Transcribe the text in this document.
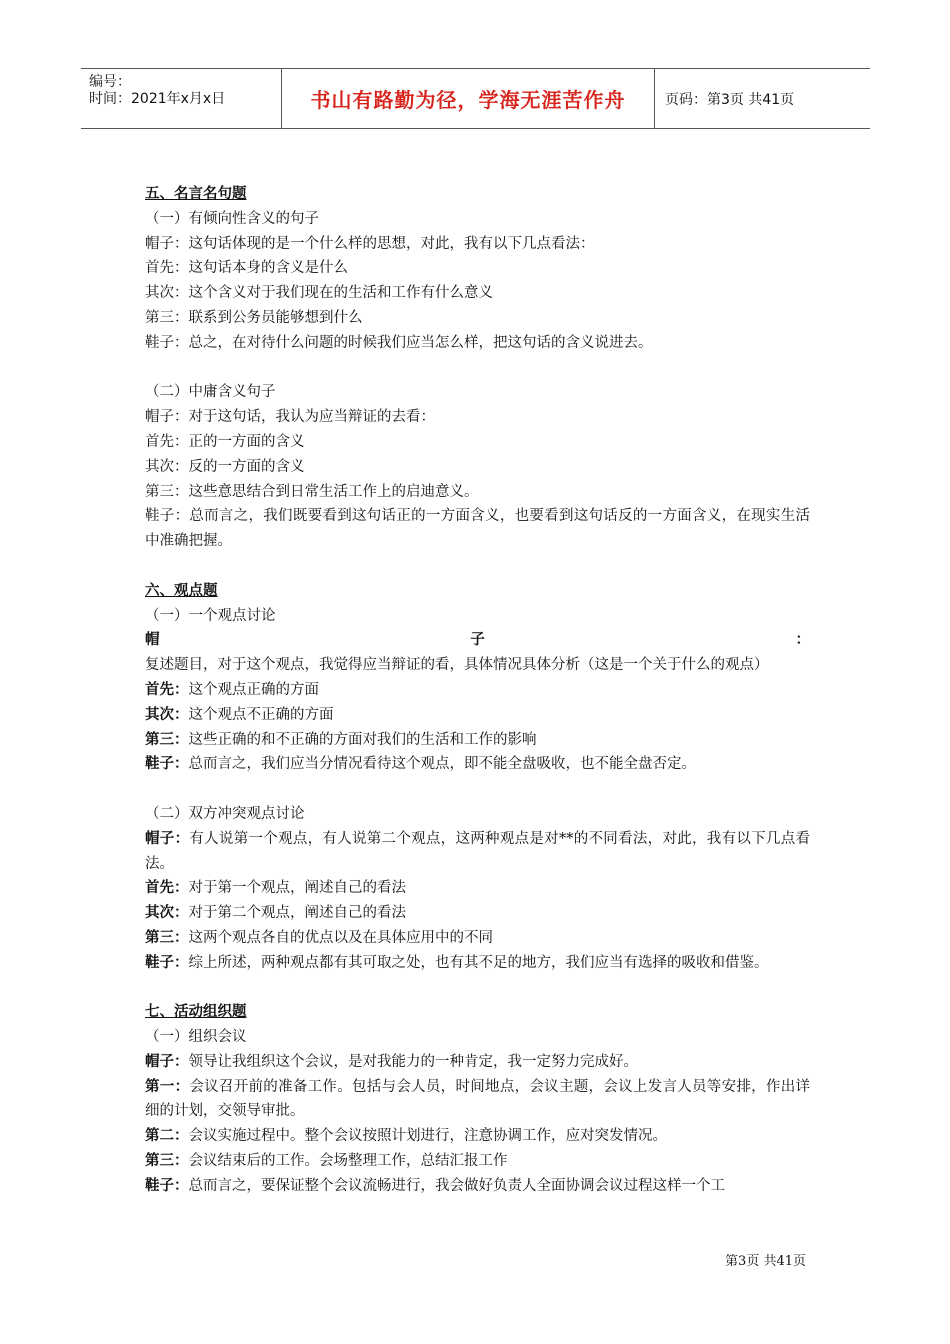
编号：
时间：2021年x月x日	书山有路勤为径，学海无涯苦作舟	页码：第3页 共41页
五、名言名句题

（一）有倾向性含义的句子

帽子：这句话体现的是一个什么样的思想，对此，我有以下几点看法：

首先：这句话本身的含义是什么

其次：这个含义对于我们现在的生活和工作有什么意义

第三：联系到公务员能够想到什么

鞋子：总之，在对待什么问题的时候我们应当怎么样，把这句话的含义说进去。

（二）中庸含义句子

帽子：对于这句话，我认为应当辩证的去看：

首先：正的一方面的含义

其次：反的一方面的含义

第三：这些意思结合到日常生活工作上的启迪意义。

鞋子：总而言之，我们既要看到这句话正的一方面含义，也要看到这句话反的一方面含义，在现实生活中准确把握。

六、观点题

（一）一个观点讨论

帽子：复述题目，对于这个观点，我觉得应当辩证的看，具体情况具体分析（这是一个关于什么的观点）

首先：这个观点正确的方面

其次：这个观点不正确的方面

第三：这些正确的和不正确的方面对我们的生活和工作的影响

鞋子：总而言之，我们应当分情况看待这个观点，即不能全盘吸收，也不能全盘否定。

（二）双方冲突观点讨论

帽子：有人说第一个观点，有人说第二个观点，这两种观点是对**的不同看法，对此，我有以下几点看法。

首先：对于第一个观点，阐述自己的看法

其次：对于第二个观点，阐述自己的看法

第三：这两个观点各自的优点以及在具体应用中的不同

鞋子：综上所述，两种观点都有其可取之处，也有其不足的地方，我们应当有选择的吸收和借鉴。

七、活动组织题

（一）组织会议

帽子：领导让我组织这个会议，是对我能力的一种肯定，我一定努力完成好。

第一：会议召开前的准备工作。包括与会人员，时间地点，会议主题，会议上发言人员等安排，作出详细的计划，交领导审批。

第二：会议实施过程中。整个会议按照计划进行，注意协调工作，应对突发情况。

第三：会议结束后的工作。会场整理工作，总结汇报工作

鞋子：总而言之，要保证整个会议流畅进行，我会做好负责人全面协调会议过程这样一个工

第3页 共41页
